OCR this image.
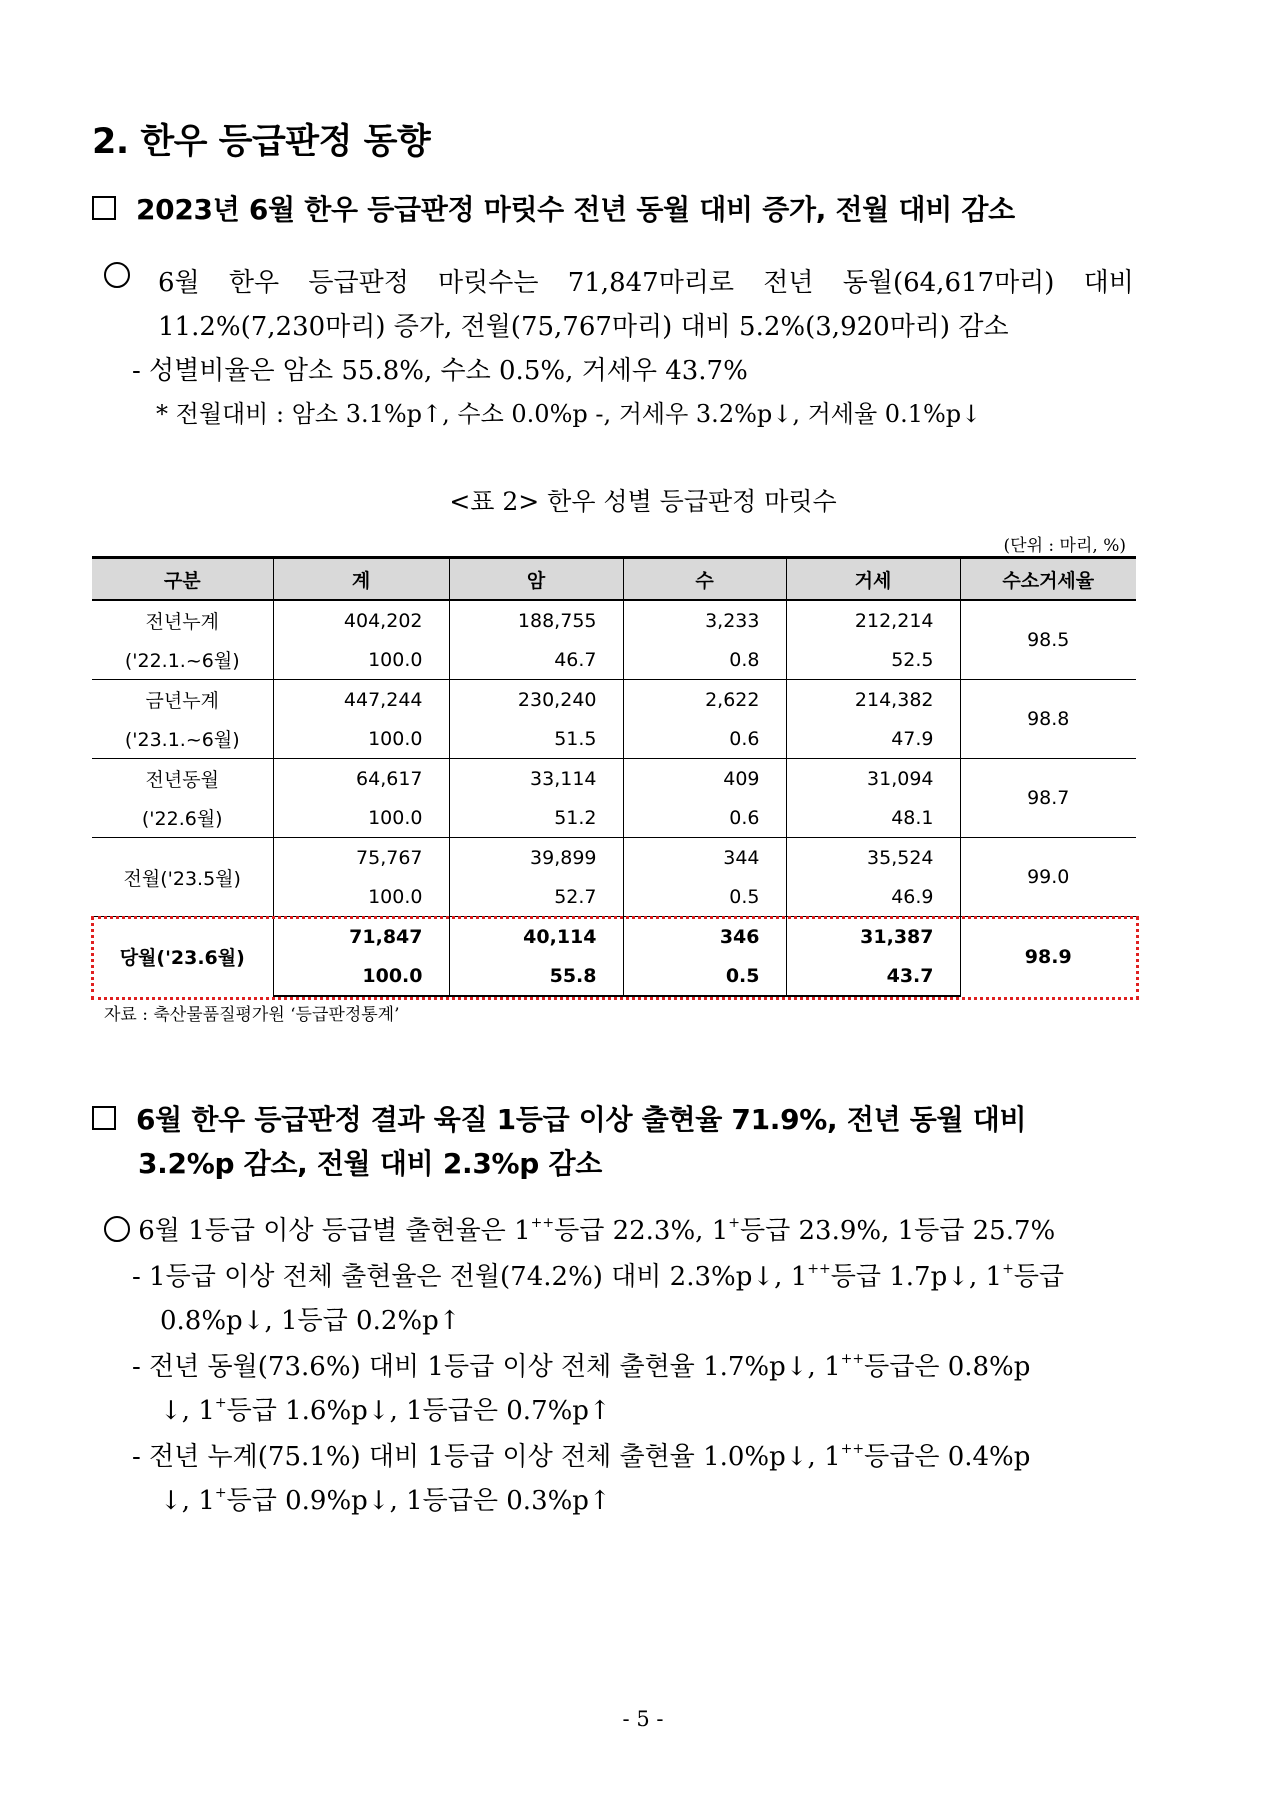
2. 한우 등급판정 동향
2023년 6월 한우 등급판정 마릿수 전년 동월 대비 증가, 전월 대비 감소
6월 한우 등급판정 마릿수는 71,847마리로 전년 동월(64,617마리) 대비
11.2%(7,230마리) 증가, 전월(75,767마리) 대비 5.2%(3,920마리) 감소
- 성별비율은 암소 55.8%, 수소 0.5%, 거세우 43.7%
* 전월대비 : 암소 3.1%p↑, 수소 0.0%p -, 거세우 3.2%p↓, 거세율 0.1%p↓
<표 2> 한우 성별 등급판정 마릿수
(단위 : 마리, %)
구분	계	암	수	거세	수소거세율
전년누계	404,202	188,755	3,233	212,214	98.5
('22.1.~6월)	100.0	46.7	0.8	52.5	
금년누계	447,244	230,240	2,622	214,382	98.8
('23.1.~6월)	100.0	51.5	0.6	47.9	
전년동월	64,617	33,114	409	31,094	98.7
('22.6월)	100.0	51.2	0.6	48.1	
전월('23.5월)	75,767	39,899	344	35,524	99.0
	100.0	52.7	0.5	46.9	
당월('23.6월)	71,847	40,114	346	31,387	98.9
	100.0	55.8	0.5	43.7	
자료 : 축산물품질평가원 ‘등급판정통계’
6월 한우 등급판정 결과 육질 1등급 이상 출현율 71.9%, 전년 동월 대비
3.2%p 감소, 전월 대비 2.3%p 감소
6월 1등급 이상 등급별 출현율은 1++등급 22.3%, 1+등급 23.9%, 1등급 25.7%
- 1등급 이상 전체 출현율은 전월(74.2%) 대비 2.3%p↓, 1++등급 1.7p↓, 1+등급
0.8%p↓, 1등급 0.2%p↑
- 전년 동월(73.6%) 대비 1등급 이상 전체 출현율 1.7%p↓, 1++등급은 0.8%p
↓, 1+등급 1.6%p↓, 1등급은 0.7%p↑
- 전년 누계(75.1%) 대비 1등급 이상 전체 출현율 1.0%p↓, 1++등급은 0.4%p
↓, 1+등급 0.9%p↓, 1등급은 0.3%p↑
- 5 -
